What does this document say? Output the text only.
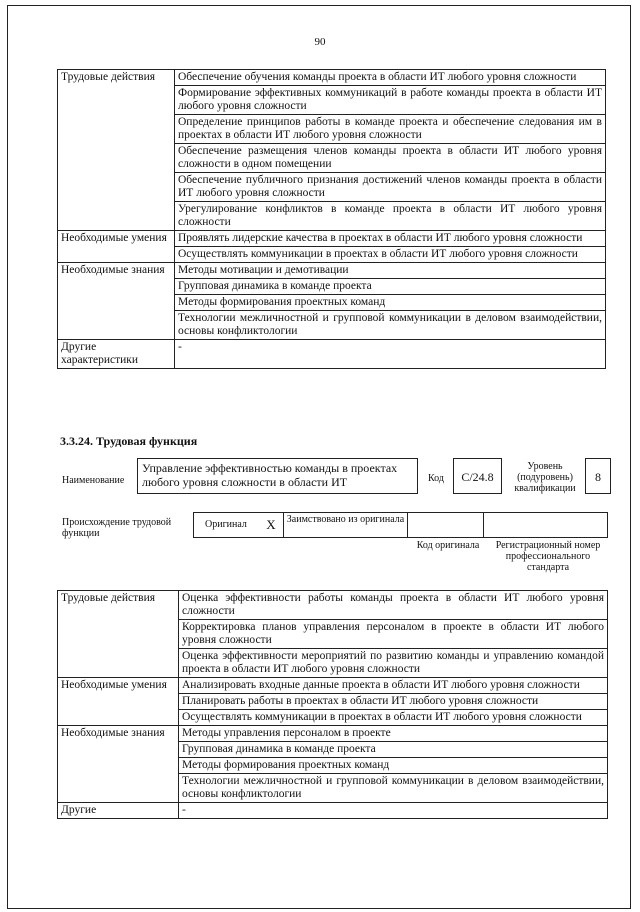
90
Трудовые действия	Обеспечение обучения команды проекта в области ИТ любого уровня сложности
	Формирование эффективных коммуникаций в работе команды проекта в области ИТ любого уровня сложности
	Определение принципов работы в команде проекта и обеспечение следования им в проектах в области ИТ любого уровня сложности
	Обеспечение размещения членов команды проекта в области ИТ любого уровня сложности в одном помещении
	Обеспечение публичного признания достижений членов команды проекта в области ИТ любого уровня сложности
	Урегулирование конфликтов в команде проекта в области ИТ любого уровня сложности
Необходимые умения	Проявлять лидерские качества в проектах в области ИТ любого уровня сложности
	Осуществлять коммуникации в проектах в области ИТ любого уровня сложности
Необходимые знания	Методы мотивации и демотивации
	Групповая динамика в команде проекта
	Методы формирования проектных команд
	Технологии межличностной и групповой коммуникации в деловом взаимодействии, основы конфликтологии
Другие характеристики	-
3.3.24. Трудовая функция
Наименование
Управление эффективностью команды в проектах любого уровня сложности в области ИТ	Код	C/24.8
Уровень (подуровень) квалификации
8
Происхождение трудовой функции
Оригинал	Х	Заимствовано из оригинала
Код оригинала	Регистрационный номер профессионального стандарта
Трудовые действия	Оценка эффективности работы команды проекта в области ИТ любого уровня сложности
	Корректировка планов управления персоналом в проекте в области ИТ любого уровня сложности
	Оценка эффективности мероприятий по развитию команды и управлению командой проекта в области ИТ любого уровня сложности
Необходимые умения	Анализировать входные данные проекта в области ИТ любого уровня сложности
	Планировать работы в проектах в области ИТ любого уровня сложности
	Осуществлять коммуникации в проектах в области ИТ любого уровня сложности
Необходимые знания	Методы управления персоналом в проекте
	Групповая динамика в команде проекта
	Методы формирования проектных команд
	Технологии межличностной и групповой коммуникации в деловом взаимодействии, основы конфликтологии
Другие	-
